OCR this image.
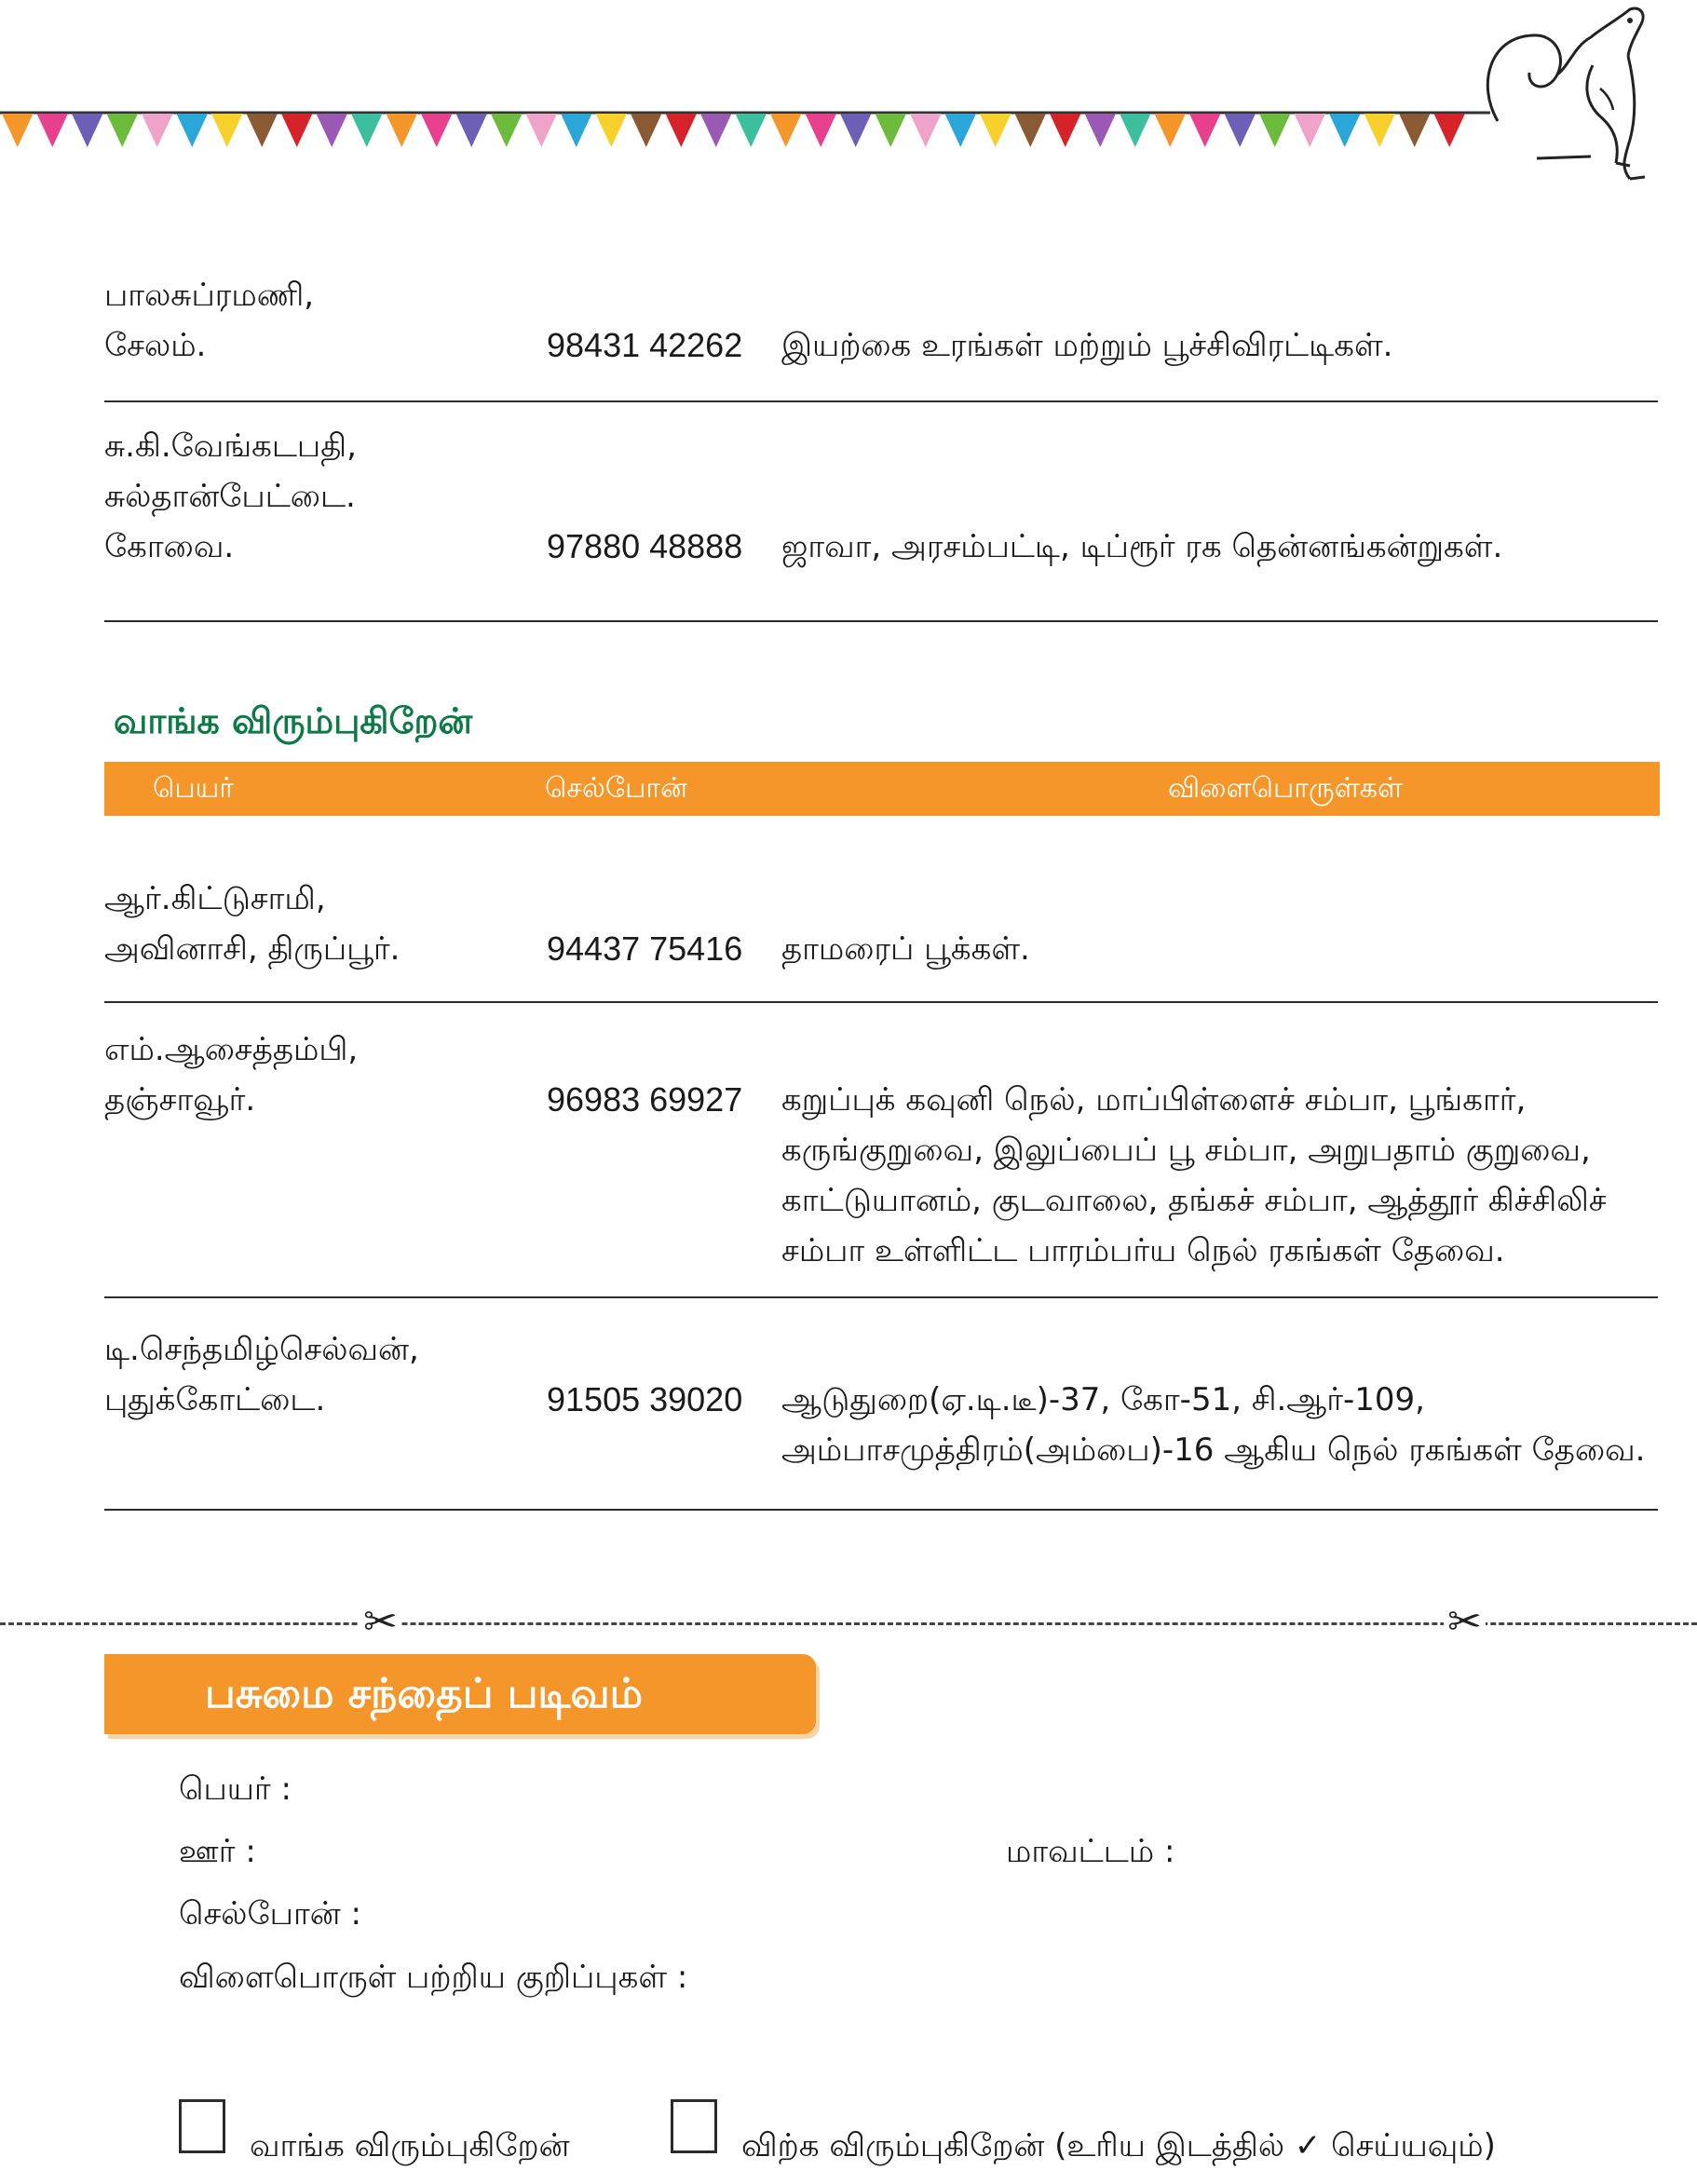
பாலசுப்ரமணி,
சேலம்.	98431 42262 இயற்கை உரங்கள் மற்றும் பூச்சிவிரட்டிகள்.
சு.கி.வேங்கடபதி,
சுல்தான்பேட்டை.
கோவை.	97880 48888 ஜாவா, அரசம்பட்டி, டிப்ரூர் ரக தென்னங்கன்றுகள்.
வாங்க விரும்புகிறேன்
பெயர்	செல்போன்	விளைபொருள்கள்
ஆர்.கிட்டுசாமி,
அவினாசி, திருப்பூர்.	94437 75416 தாமரைப் பூக்கள்.
எம்.ஆசைத்தம்பி,
தஞ்சாவூர்.	96983 69927 கறுப்புக் கவுனி நெல், மாப்பிள்ளைச் சம்பா, பூங்கார்,
கருங்குறுவை, இலுப்பைப் பூ சம்பா, அறுபதாம் குறுவை,
காட்டுயானம், குடவாலை, தங்கச் சம்பா, ஆத்தூர் கிச்சிலிச்
சம்பா உள்ளிட்ட பாரம்பர்ய நெல் ரகங்கள் தேவை.
டி.செந்தமிழ்செல்வன்,
புதுக்கோட்டை.	91505 39020 ஆடுதுறை(ஏ.டி.டீ)-37, கோ-51, சி.ஆர்-109,
அம்பாசமுத்திரம்(அம்பை)-16 ஆகிய நெல் ரகங்கள் தேவை.
✂	✂
பசுமை சந்தைப் படிவம்
பெயர் :
ஊர் :	மாவட்டம் :
செல்போன் :
விளைபொருள் பற்றிய குறிப்புகள் :
வாங்க விரும்புகிறேன்	விற்க விரும்புகிறேன் (உரிய இடத்தில் ✓ செய்யவும்)
